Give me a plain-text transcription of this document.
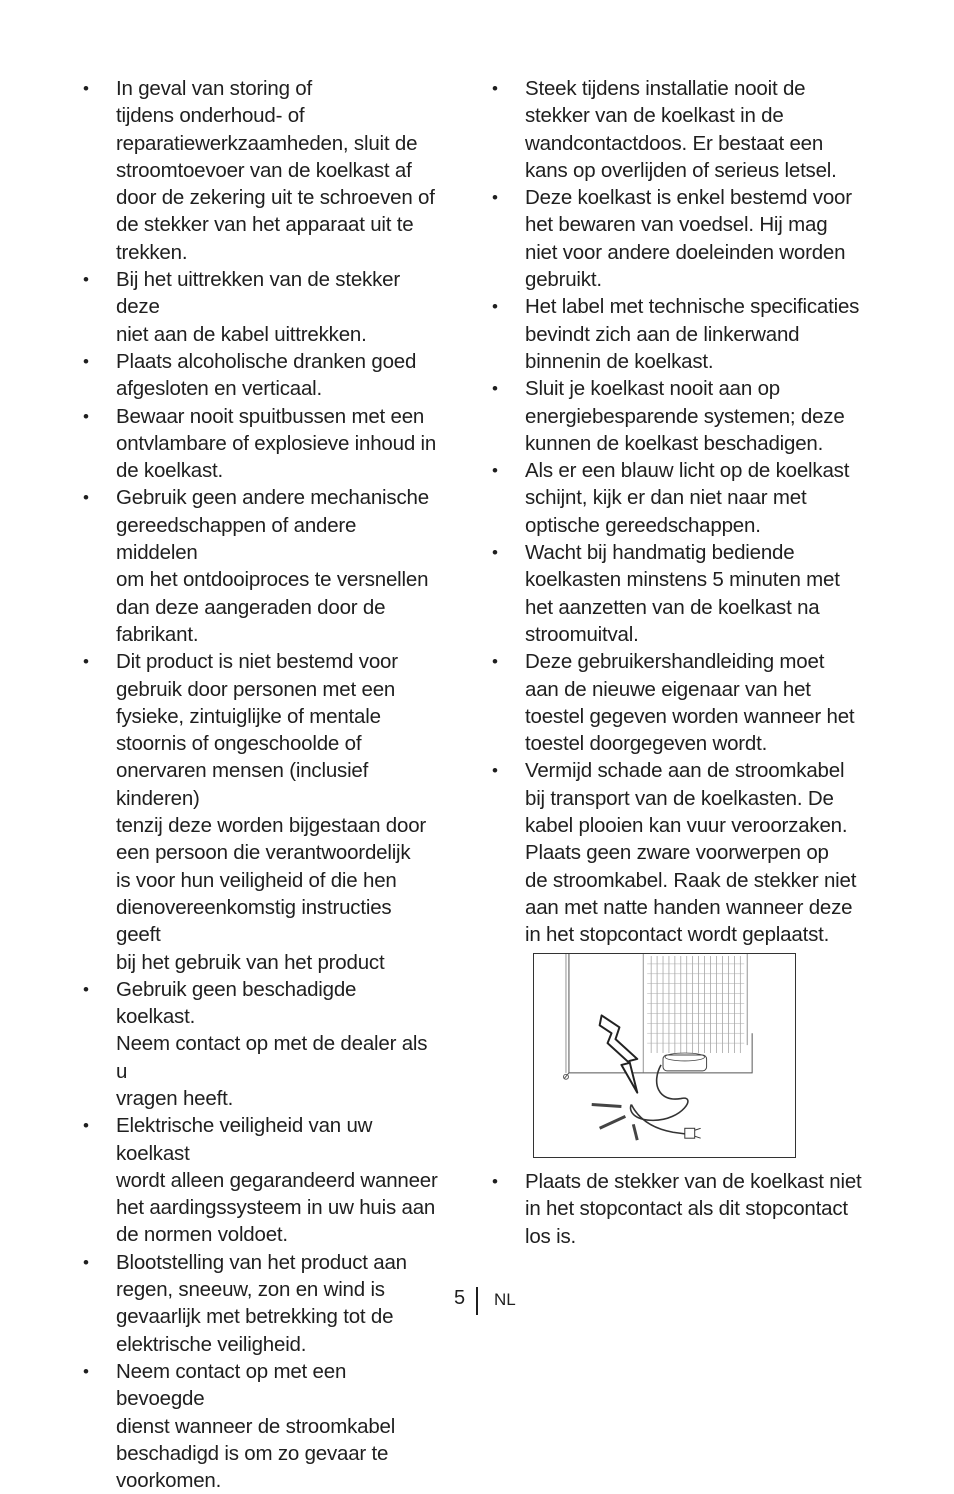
• In geval van storing of
tijdens onderhoud- of
reparatiewerkzaamheden, sluit de
stroomtoevoer van de koelkast af
door de zekering uit te schroeven of
de stekker van het apparaat uit te
trekken.
• Bij het uittrekken van de stekker deze
niet aan de kabel uittrekken.
• Plaats alcoholische dranken goed
afgesloten en verticaal.
• Bewaar nooit spuitbussen met een
ontvlambare of explosieve inhoud in
de koelkast.
• Gebruik geen andere mechanische
gereedschappen of andere middelen
om het ontdooiproces te versnellen
dan deze aangeraden door de
fabrikant.
• Dit product is niet bestemd voor
gebruik door personen met een
fysieke, zintuiglijke of mentale
stoornis of ongeschoolde of
onervaren mensen (inclusief kinderen)
tenzij deze worden bijgestaan door
een persoon die verantwoordelijk
is voor hun veiligheid of die hen
dienovereenkomstig instructies geeft
bij het gebruik van het product
• Gebruik geen beschadigde koelkast.
Neem contact op met de dealer als u
vragen heeft.
• Elektrische veiligheid van uw koelkast
wordt alleen gegarandeerd wanneer
het aardingssysteem in uw huis aan
de normen voldoet.
• Blootstelling van het product aan
regen, sneeuw, zon en wind is
gevaarlijk met betrekking tot de
elektrische veiligheid.
• Neem contact op met een bevoegde
dienst wanneer de stroomkabel
beschadigd is om zo gevaar te
voorkomen.
• Steek tijdens installatie nooit de
stekker van de koelkast in de
wandcontactdoos. Er bestaat een
kans op overlijden of serieus letsel.
• Deze koelkast is enkel bestemd voor
het bewaren van voedsel. Hij mag
niet voor andere doeleinden worden
gebruikt.
• Het label met technische specificaties
bevindt zich aan de linkerwand
binnenin de koelkast.
• Sluit je koelkast nooit aan op
energiebesparende systemen; deze
kunnen de koelkast beschadigen.
• Als er een blauw licht op de koelkast
schijnt, kijk er dan niet naar met
optische gereedschappen.
• Wacht bij handmatig bediende
koelkasten minstens 5 minuten met
het aanzetten van de koelkast na
stroomuitval.
• Deze gebruikershandleiding moet
aan de nieuwe eigenaar van het
toestel gegeven worden wanneer het
toestel doorgegeven wordt.
• Vermijd schade aan de stroomkabel
bij transport van de koelkasten. De
kabel plooien kan vuur veroorzaken.
Plaats geen zware voorwerpen op
de stroomkabel. Raak de stekker niet
aan met natte handen wanneer deze
in het stopcontact wordt geplaatst.
• Plaats de stekker van de koelkast niet
in het stopcontact als dit stopcontact
los is.
5 NL
